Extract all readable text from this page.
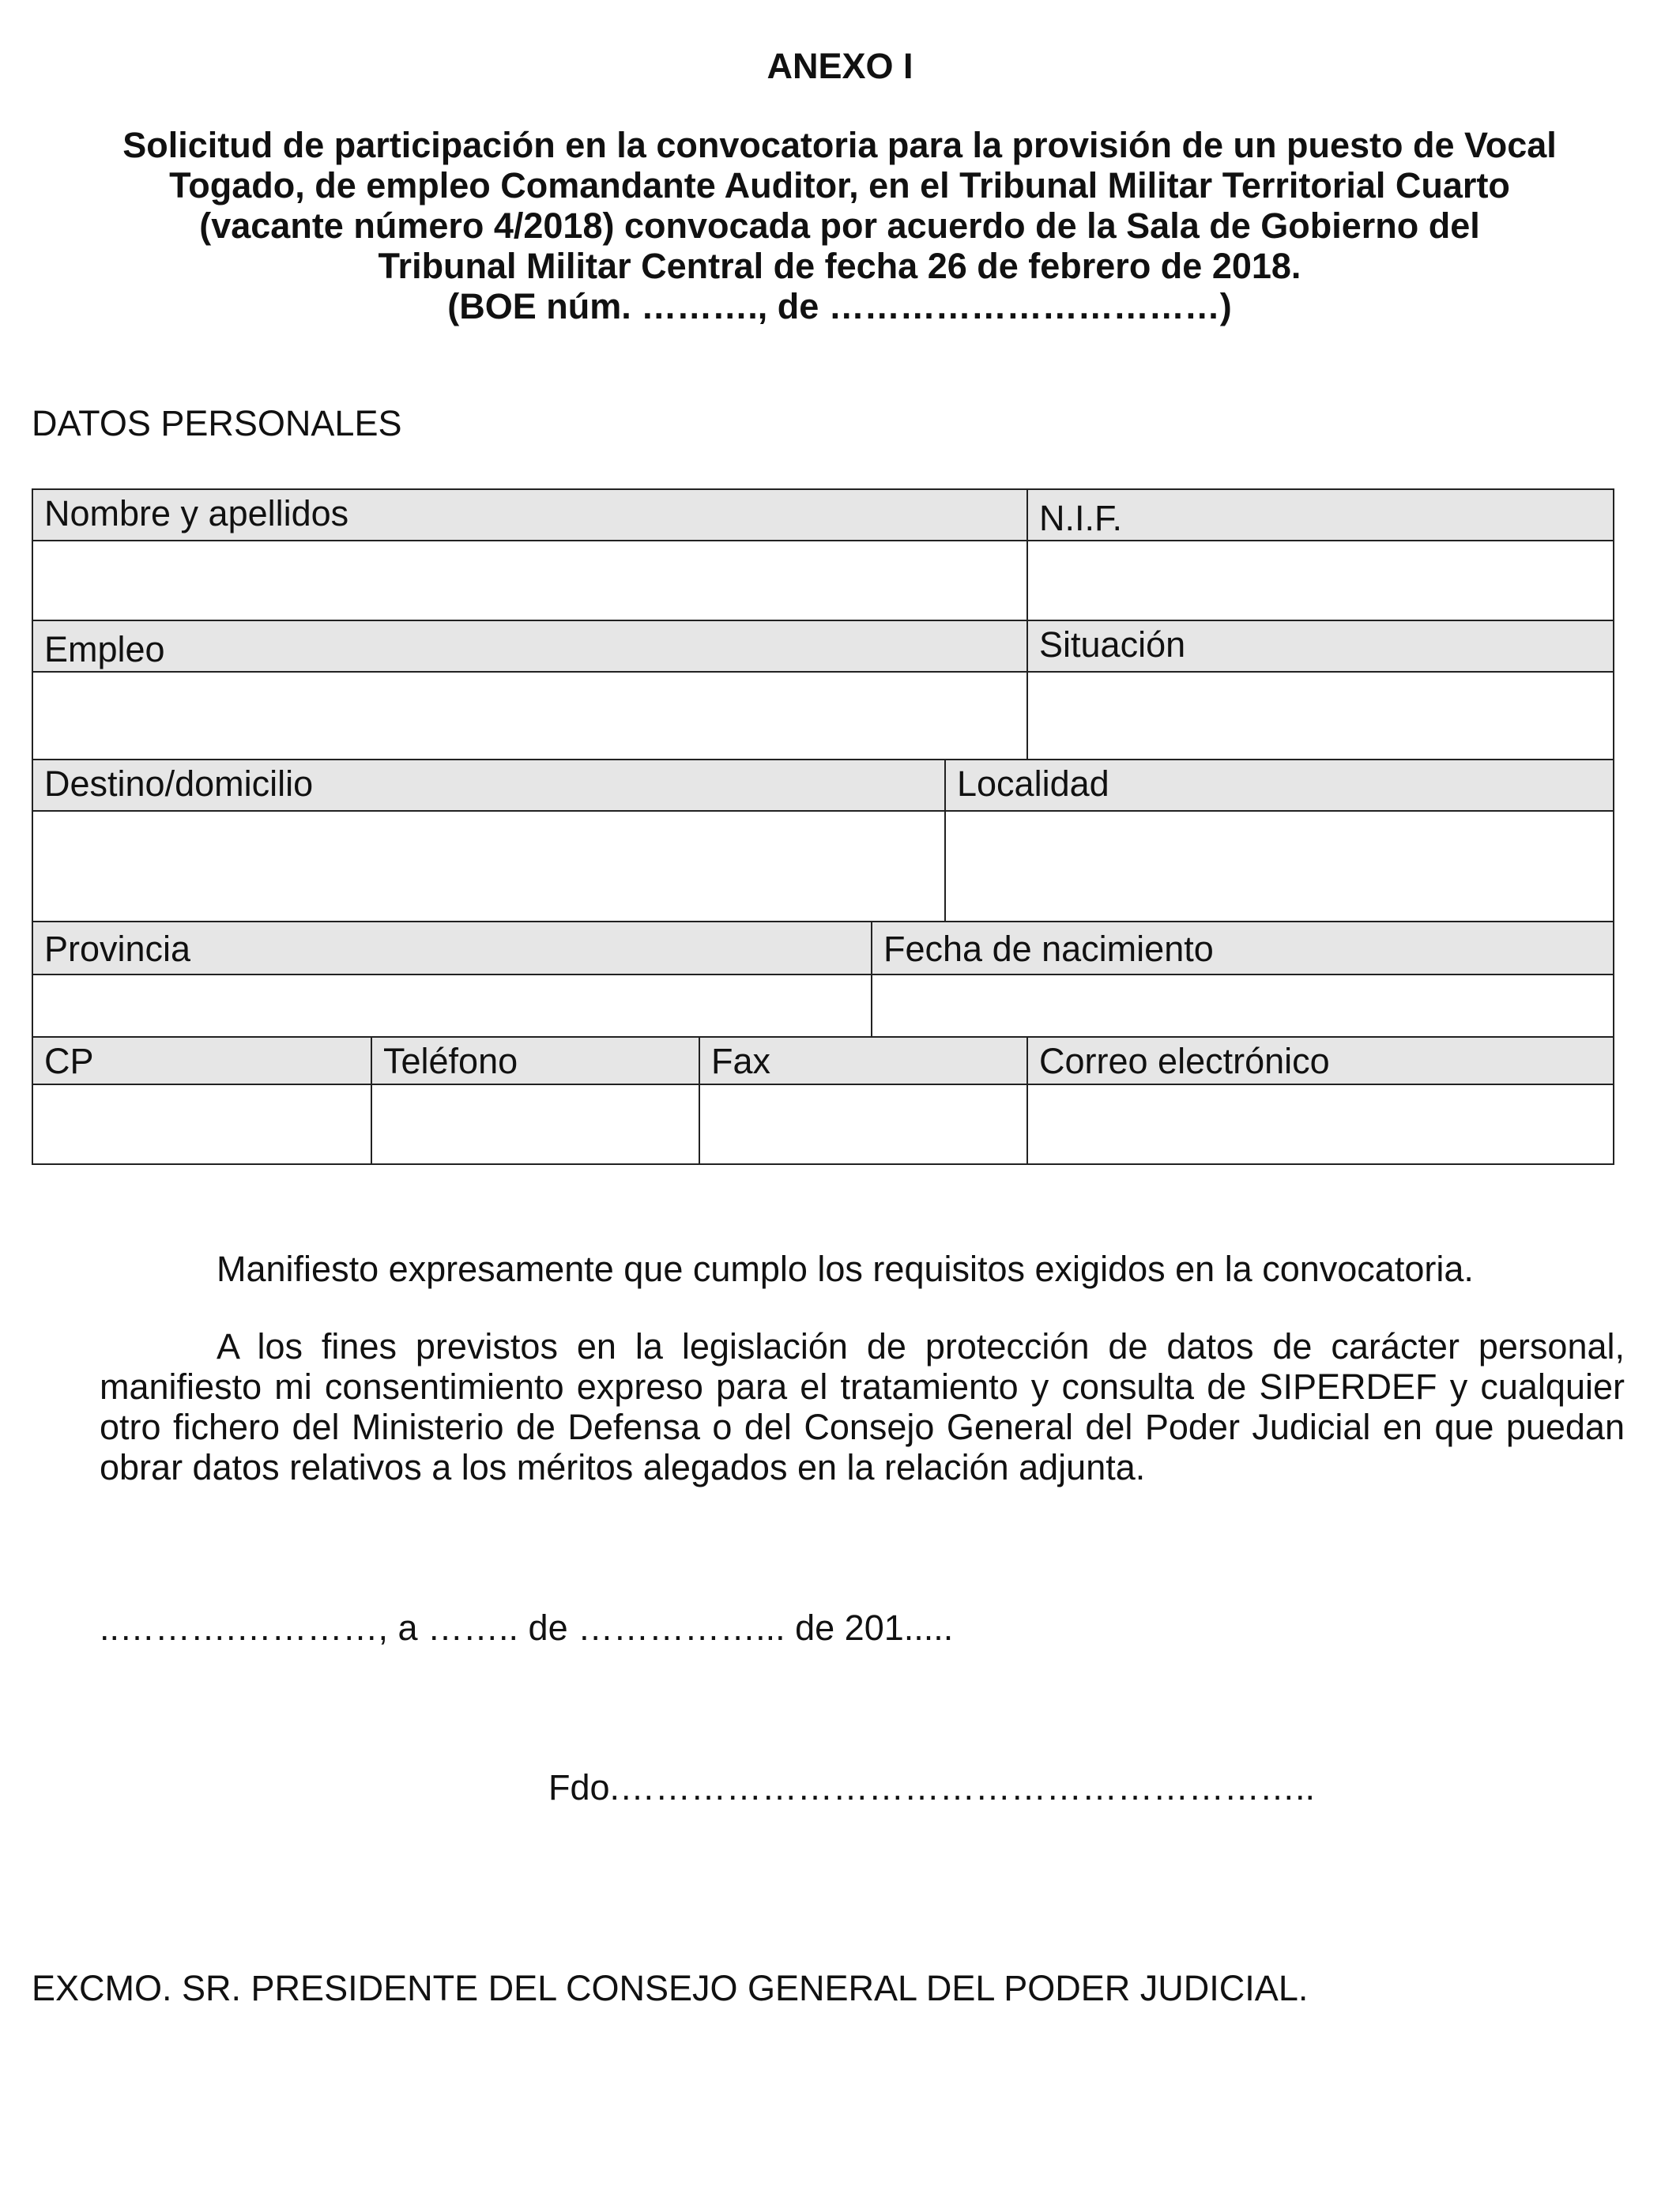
ANEXO I
Solicitud de participación en la convocatoria para la provisión de un puesto de Vocal
Togado, de empleo Comandante Auditor, en el Tribunal Militar Territorial Cuarto
(vacante número 4/2018) convocada por acuerdo de la Sala de Gobierno del
Tribunal Militar Central de fecha 26 de febrero de 2018.
(BOE núm. ………., de ……………………………)
DATOS PERSONALES
Nombre y apellidos	N.I.F.
Empleo	Situación
Destino/domicilio	Localidad
Provincia	Fecha de nacimiento
CP	Teléfono	Fax	Correo electrónico
Manifiesto expresamente que cumplo los requisitos exigidos en la convocatoria.
A los fines previstos en la legislación de protección de datos de carácter personal, manifiesto mi consentimiento expreso para el tratamiento y consulta de SIPERDEF y cualquier otro fichero del Ministerio de Defensa o del Consejo General del Poder Judicial en que puedan obrar datos relativos a los méritos alegados en la relación adjunta.
..……….…………, a …….. de ……………... de 201.....
Fdo.…………………………………………………..
EXCMO. SR. PRESIDENTE DEL CONSEJO GENERAL DEL PODER JUDICIAL.
